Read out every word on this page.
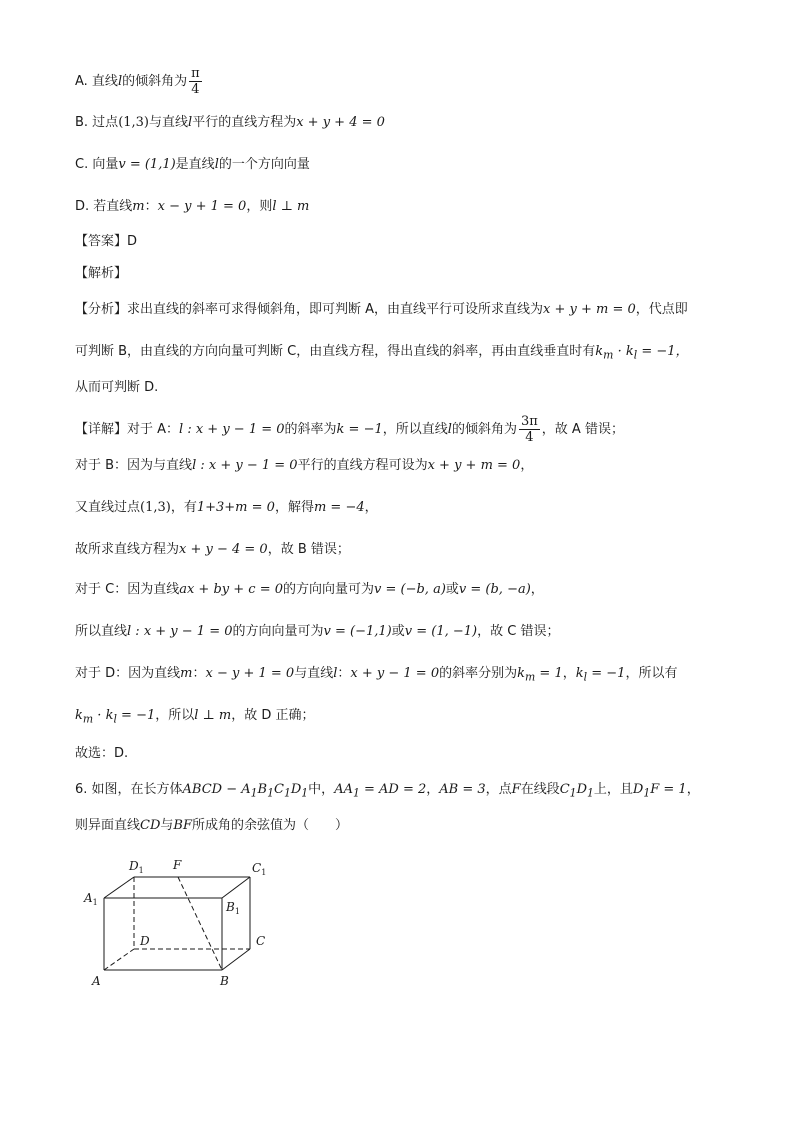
A. 直线l的倾斜角为 $\frac{\pi}{4}$
B. 过点(1,3)与直线l平行的直线方程为x + y + 4 = 0
C. 向量v = (1,1)是直线l的一个方向向量
D. 若直线m：x − y + 1 = 0，则l ⊥ m
【答案】D
【解析】
【分析】求出直线的斜率可求得倾斜角，即可判断 A，由直线平行可设所求直线为x + y + m = 0，代点即
可判断 B，由直线的方向向量可判断 C，由直线方程，得出直线的斜率，再由直线垂直时有$k_m \cdot k_l = -1$，
从而可判断 D.
【详解】对于 A：l : x + y − 1 = 0的斜率为k = −1，所以直线l的倾斜角为 $\frac{3\pi}{4}$ ，故 A 错误；
对于 B：因为与直线l : x + y − 1 = 0平行的直线方程可设为x + y + m = 0，
又直线过点(1,3)，有1+3+m = 0，解得m = −4，
故所求直线方程为x + y − 4 = 0，故 B 错误；
对于 C：因为直线ax + by + c = 0的方向向量可为v = (−b, a)或v = (b, −a)，
所以直线l : x + y − 1 = 0的方向向量可为v = (−1,1)或v = (1, −1)，故 C 错误；
对于 D：因为直线m：x − y + 1 = 0与直线l：x + y − 1 = 0的斜率分别为$k_m = 1$，$k_l = -1$，所以有
$k_m \cdot k_l = -1$，所以l ⊥ m，故 D 正确；
故选：D.
6. 如图，在长方体ABCD − $A_1B_1C_1D_1$中，$AA_1$ = AD = 2，AB = 3，点F在线段$C_1D_1$上，且$D_1F = 1$，
则异面直线CD与BF所成角的余弦值为（　　）
$A_1$
$D_1$ F	$C_1$
$B_1$
D	C
A	B
